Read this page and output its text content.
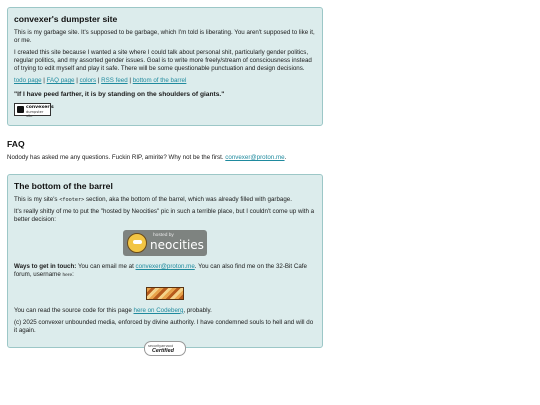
convexer's dumpster site

This is my garbage site. It's supposed to be garbage, which I'm told is liberating. You aren't supposed to like it, or me.

I created this site because I wanted a site where I could talk about personal shit, particularly gender politics, regular politics, and my assorted gender issues. Goal is to write more freely/stream of consciousness instead of trying to edit myself and play it safe. There will be some questionable punctuation and design decisions.

todo page | FAQ page | colors | RSS feed | bottom of the barrel

"If I have peed farther, it is by standing on the shoulders of giants."

convexer's
dumpster site
FAQ

Nodody has asked me any questions. Fuckin RIP, amirite? Why not be the first. convexer@proton.me.

The bottom of the barrel

This is my site's <footer> section, aka the bottom of the barrel, which was already filled with garbage.

It's really shitty of me to put the "hosted by Neocities" pic in such a terrible place, but I couldn't come up with a better decision:

hosted by
neocities

Ways to get in touch: You can email me at convexer@proton.me. You can also find me on the 32-Bit Cafe forum, username here:

You can read the source code for this page here on Codeberg, probably.

(c) 2025 convexer unbounded media, enforced by divine authority. I have condemned souls to hell and will do it again.

securityarnacci
Certified
